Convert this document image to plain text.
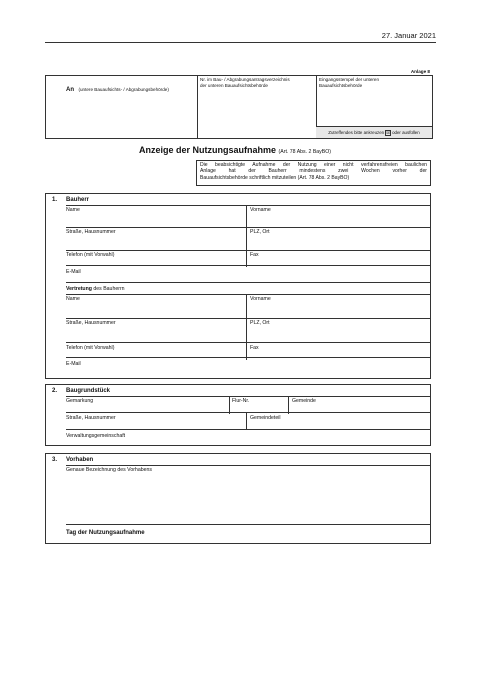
27. Januar 2021
Anlage 8
An (untere Bauaufsichts- / Abgrabungsbehörde)
Nr. im Bau- / Abgrabungsantragsverzeichnis
der unteren Bauaufsichtsbehörde
Eingangsstempel der unteren
Bauaufsichtsbehörde
Zutreffendes bitte ankreuzen ☒ oder ausfüllen
Anzeige der Nutzungsaufnahme (Art. 78 Abs. 2 BayBO)
Die beabsichtigte Aufnahme der Nutzung einer nicht verfahrensfreien baulichen
Anlage hat der Bauherr mindestens zwei Wochen vorher der
Bauaufsichtsbehörde schriftlich mitzuteilen (Art. 78 Abs. 2 BayBO)
1. Bauherr
Name	Vorname
Straße, Hausnummer	PLZ, Ort
Telefon (mit Vorwahl)	Fax
E-Mail
Vertretung des Bauherrn
Name	Vorname
Straße, Hausnummer	PLZ, Ort
Telefon (mit Vorwahl)	Fax
E-Mail
2. Baugrundstück
Gemarkung	Flur-Nr.	Gemeinde
Straße, Hausnummer	Gemeindeteil
Verwaltungsgemeinschaft
3. Vorhaben
Genaue Bezeichnung des Vorhabens
Tag der Nutzungsaufnahme
